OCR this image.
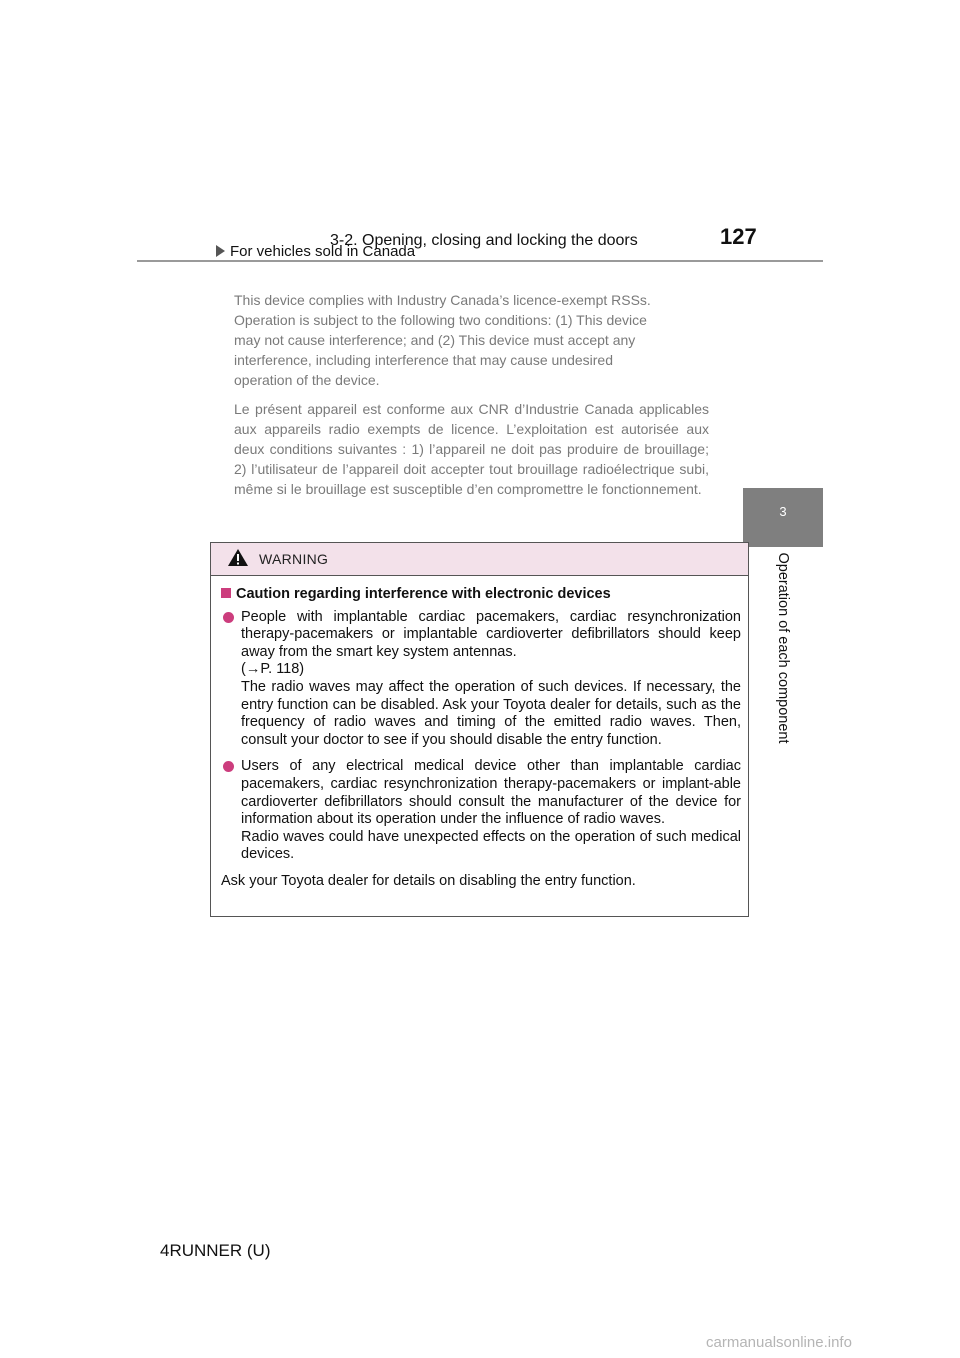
3-2. Opening, closing and locking the doors	127
3
Operation of each component
For vehicles sold in Canada
This device complies with Industry Canada’s licence-exempt RSSs.
Operation is subject to the following two conditions: (1) This device
may not cause interference; and (2) This device must accept any
interference, including interference that may cause undesired
operation of the device.
Le présent appareil est conforme aux CNR d’Industrie Canada applicables aux appareils radio exempts de licence. L’exploitation est autorisée aux deux conditions suivantes : 1) l’appareil ne doit pas produire de brouillage; 2) l’utilisateur de l’appareil doit accepter tout brouillage radioélectrique subi, même si le brouillage est susceptible d’en compromettre le fonctionnement.
WARNING
Caution regarding interference with electronic devices

People with implantable cardiac pacemakers, cardiac resynchronization therapy-pacemakers or implantable cardioverter defibrillators should keep away from the smart key system antennas.

(→P. 118)

The radio waves may affect the operation of such devices. If necessary, the entry function can be disabled. Ask your Toyota dealer for details, such as the frequency of radio waves and timing of the emitted radio waves. Then, consult your doctor to see if you should disable the entry function.

Users of any electrical medical device other than implantable cardiac pacemakers, cardiac resynchronization therapy-pacemakers or implant-able cardioverter defibrillators should consult the manufacturer of the device for information about its operation under the influence of radio waves.

Radio waves could have unexpected effects on the operation of such medical devices.

Ask your Toyota dealer for details on disabling the entry function.
4RUNNER (U)
carmanualsonline.info
